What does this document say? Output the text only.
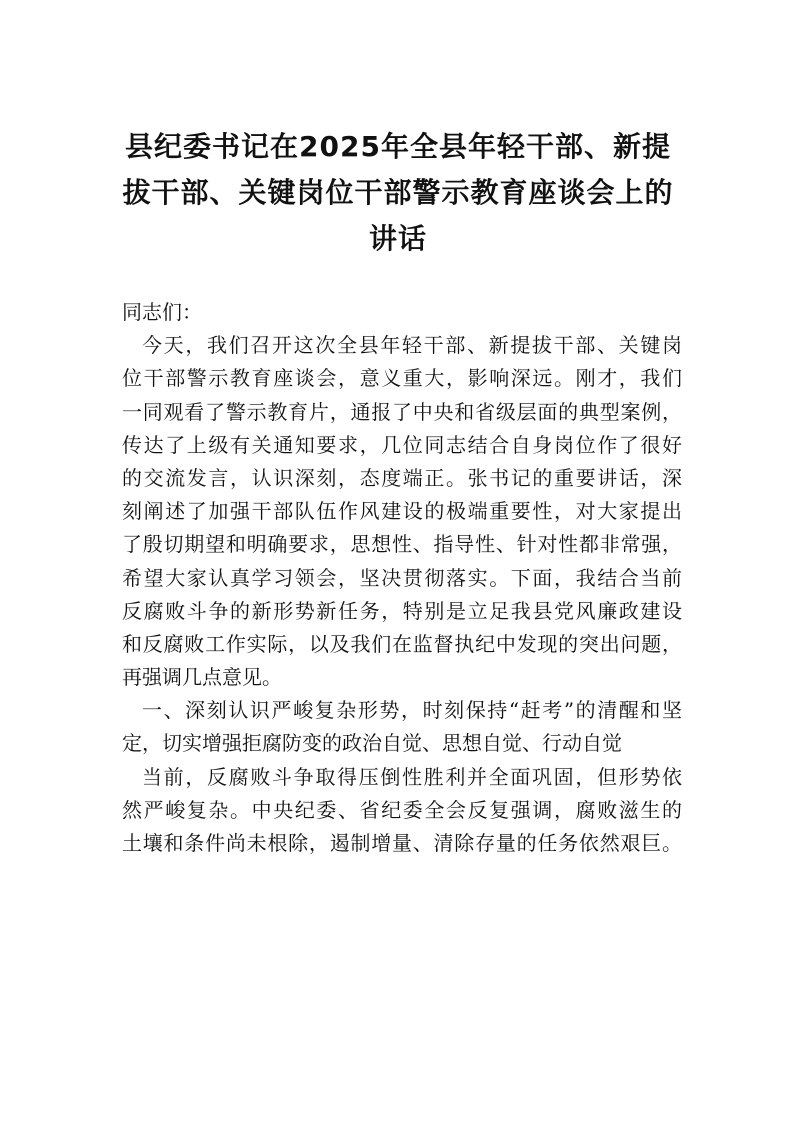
县纪委书记在2025年全县年轻干部、新提
拔干部、关键岗位干部警示教育座谈会上的
讲话
同志们：
今天，我们召开这次全县年轻干部、新提拔干部、关键岗
位干部警示教育座谈会，意义重大，影响深远。刚才，我们
一同观看了警示教育片，通报了中央和省级层面的典型案例，
传达了上级有关通知要求，几位同志结合自身岗位作了很好
的交流发言，认识深刻，态度端正。张书记的重要讲话，深
刻阐述了加强干部队伍作风建设的极端重要性，对大家提出
了殷切期望和明确要求，思想性、指导性、针对性都非常强，
希望大家认真学习领会，坚决贯彻落实。下面，我结合当前
反腐败斗争的新形势新任务，特别是立足我县党风廉政建设
和反腐败工作实际，以及我们在监督执纪中发现的突出问题，
再强调几点意见。
一、深刻认识严峻复杂形势，时刻保持“赶考”的清醒和坚
定，切实增强拒腐防变的政治自觉、思想自觉、行动自觉
当前，反腐败斗争取得压倒性胜利并全面巩固，但形势依
然严峻复杂。中央纪委、省纪委全会反复强调，腐败滋生的
土壤和条件尚未根除，遏制增量、清除存量的任务依然艰巨。
